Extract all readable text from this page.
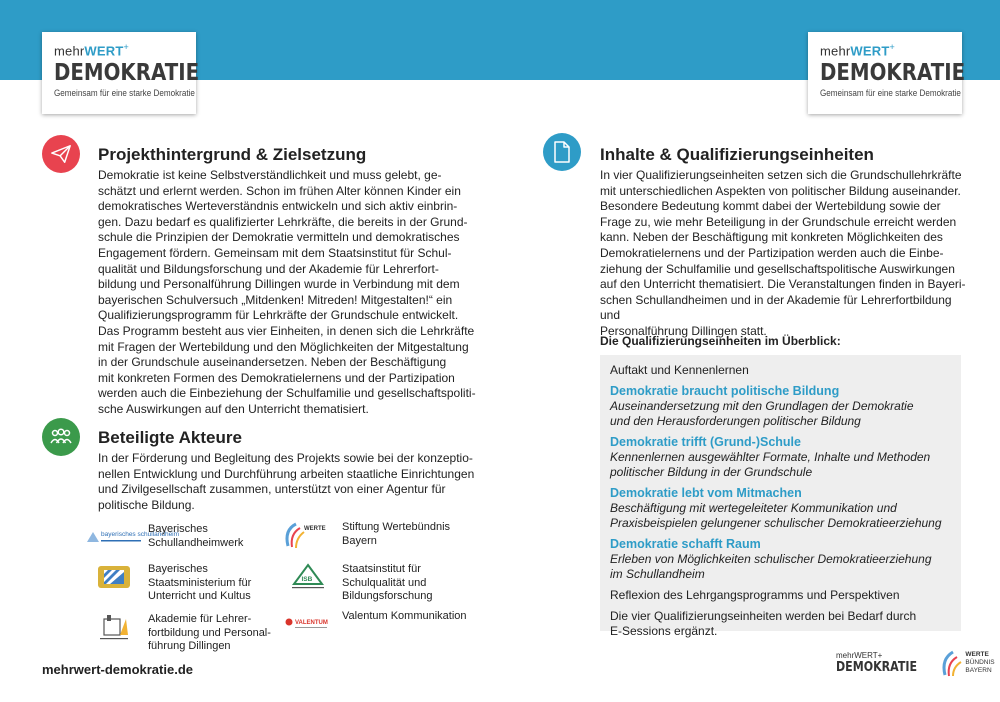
mehrWERT+
DEMOKRATIE
Gemeinsam für eine starke Demokratie
mehrWERT+
DEMOKRATIE
Gemeinsam für eine starke Demokratie
Projekthintergrund & Zielsetzung
Demokratie ist keine Selbstverständlichkeit und muss gelebt, ge-
schätzt und erlernt werden. Schon im frühen Alter können Kinder ein
demokratisches Werteverständnis entwickeln und sich aktiv einbrin-
gen. Dazu bedarf es qualifizierter Lehrkräfte, die bereits in der Grund-
schule die Prinzipien der Demokratie vermitteln und demokratisches
Engagement fördern. Gemeinsam mit dem Staatsinstitut für Schul-
qualität und Bildungsforschung und der Akademie für Lehrerfort-
bildung und Personalführung Dillingen wurde in Verbindung mit dem
bayerischen Schulversuch „Mitdenken! Mitreden! Mitgestalten!“ ein
Qualifizierungsprogramm für Lehrkräfte der Grundschule entwickelt.
Das Programm besteht aus vier Einheiten, in denen sich die Lehrkräfte
mit Fragen der Wertebildung und den Möglichkeiten der Mitgestaltung
in der Grundschule auseinandersetzen. Neben der Beschäftigung
mit konkreten Formen des Demokratielernens und der Partizipation
werden auch die Einbeziehung der Schulfamilie und gesellschaftspoliti-
sche Auswirkungen auf den Unterricht thematisiert.
Beteiligte Akteure
In der Förderung und Begleitung des Projekts sowie bei der konzeptio-
nellen Entwicklung und Durchführung arbeiten staatliche Einrichtungen
und Zivilgesellschaft zusammen, unterstützt von einer Agentur für
politische Bildung.
bayerisches schullandheim
Bayerisches
Schullandheimwerk
WERTE Stiftung Wertebündnis
Bayern
Bayerisches
Staatsministerium für
Unterricht und Kultus
ISB
Staatsinstitut für
Schulqualität und
Bildungsforschung
Akademie für Lehrer-
fortbildung und Personal-
führung Dillingen
VALENTUM
Valentum Kommunikation
mehrwert-demokratie.de
Inhalte & Qualifizierungseinheiten
In vier Qualifizierungseinheiten setzen sich die Grundschullehrkräfte
mit unterschiedlichen Aspekten von politischer Bildung auseinander.
Besondere Bedeutung kommt dabei der Wertebildung sowie der
Frage zu, wie mehr Beteiligung in der Grundschule erreicht werden
kann. Neben der Beschäftigung mit konkreten Möglichkeiten des
Demokratielernens und der Partizipation werden auch die Einbe-
ziehung der Schulfamilie und gesellschaftspolitische Auswirkungen
auf den Unterricht thematisiert. Die Veranstaltungen finden in Bayeri-
schen Schullandheimen und in der Akademie für Lehrerfortbildung und
Personalführung Dillingen statt.
Die Qualifizierungseinheiten im Überblick:
Auftakt und Kennenlernen
Demokratie braucht politische Bildung
Auseinandersetzung mit den Grundlagen der Demokratie
und den Herausforderungen politischer Bildung
Demokratie trifft (Grund-)Schule
Kennenlernen ausgewählter Formate, Inhalte und Methoden
politischer Bildung in der Grundschule
Demokratie lebt vom Mitmachen
Beschäftigung mit wertegeleiteter Kommunikation und
Praxisbeispielen gelungener schulischer Demokratieerziehung
Demokratie schafft Raum
Erleben von Möglichkeiten schulischer Demokratieerziehung
im Schullandheim
Reflexion des Lehrgangsprogramms und Perspektiven
Die vier Qualifizierungseinheiten werden bei Bedarf durch
E-Sessions ergänzt.
mehrWERT+
DEMOKRATIE
WERTE
BÜNDNIS BAYERN
